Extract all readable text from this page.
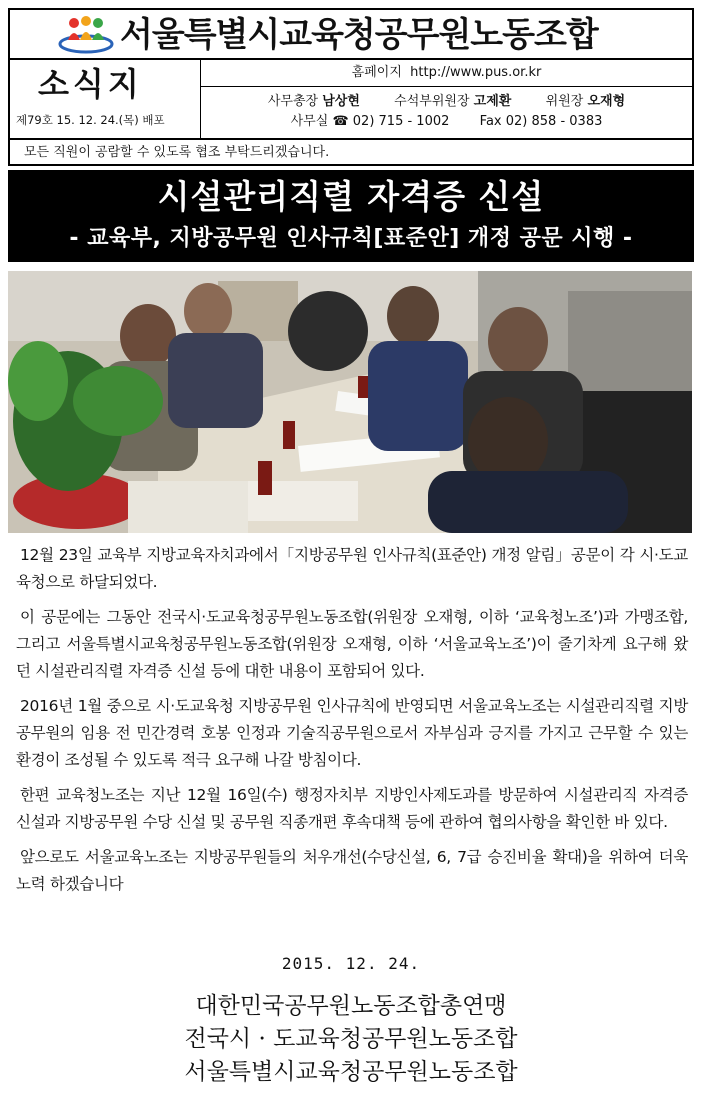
서울특별시교육청공무원노동조합
소식지
제79호 15. 12. 24.(목) 배포
홈페이지 http://www.pus.or.kr
사무총장 남상현	수석부위원장 고제환	위원장 오재형
사무실 ☎ 02) 715 - 1002 Fax 02) 858 - 0383
모든 직원이 공람할 수 있도록 협조 부탁드리겠습니다.
시설관리직렬 자격증 신설
- 교육부, 지방공무원 인사규칙[표준안] 개정 공문 시행 -

12월 23일 교육부 지방교육자치과에서「지방공무원 인사규칙(표준안) 개정 알림」공문이 각 시·도교육청으로 하달되었다.

이 공문에는 그동안 전국시·도교육청공무원노동조합(위원장 오재형, 이하 ‘교육청노조’)과 가맹조합, 그리고 서울특별시교육청공무원노동조합(위원장 오재형, 이하 ‘서울교육노조’)이 줄기차게 요구해 왔던 시설관리직렬 자격증 신설 등에 대한 내용이 포함되어 있다.

2016년 1월 중으로 시·도교육청 지방공무원 인사규칙에 반영되면 서울교육노조는 시설관리직렬 지방공무원의 임용 전 민간경력 호봉 인정과 기술직공무원으로서 자부심과 긍지를 가지고 근무할 수 있는 환경이 조성될 수 있도록 적극 요구해 나갈 방침이다.

한편 교육청노조는 지난 12월 16일(수) 행정자치부 지방인사제도과를 방문하여 시설관리직 자격증 신설과 지방공무원 수당 신설 및 공무원 직종개편 후속대책 등에 관하여 협의사항을 확인한 바 있다.

앞으로도 서울교육노조는 지방공무원들의 처우개선(수당신설, 6, 7급 승진비율 확대)을 위하여 더욱 노력 하겠습니다

2015. 12. 24.
대한민국공무원노동조합총연맹
전국시 · 도교육청공무원노동조합
서울특별시교육청공무원노동조합
